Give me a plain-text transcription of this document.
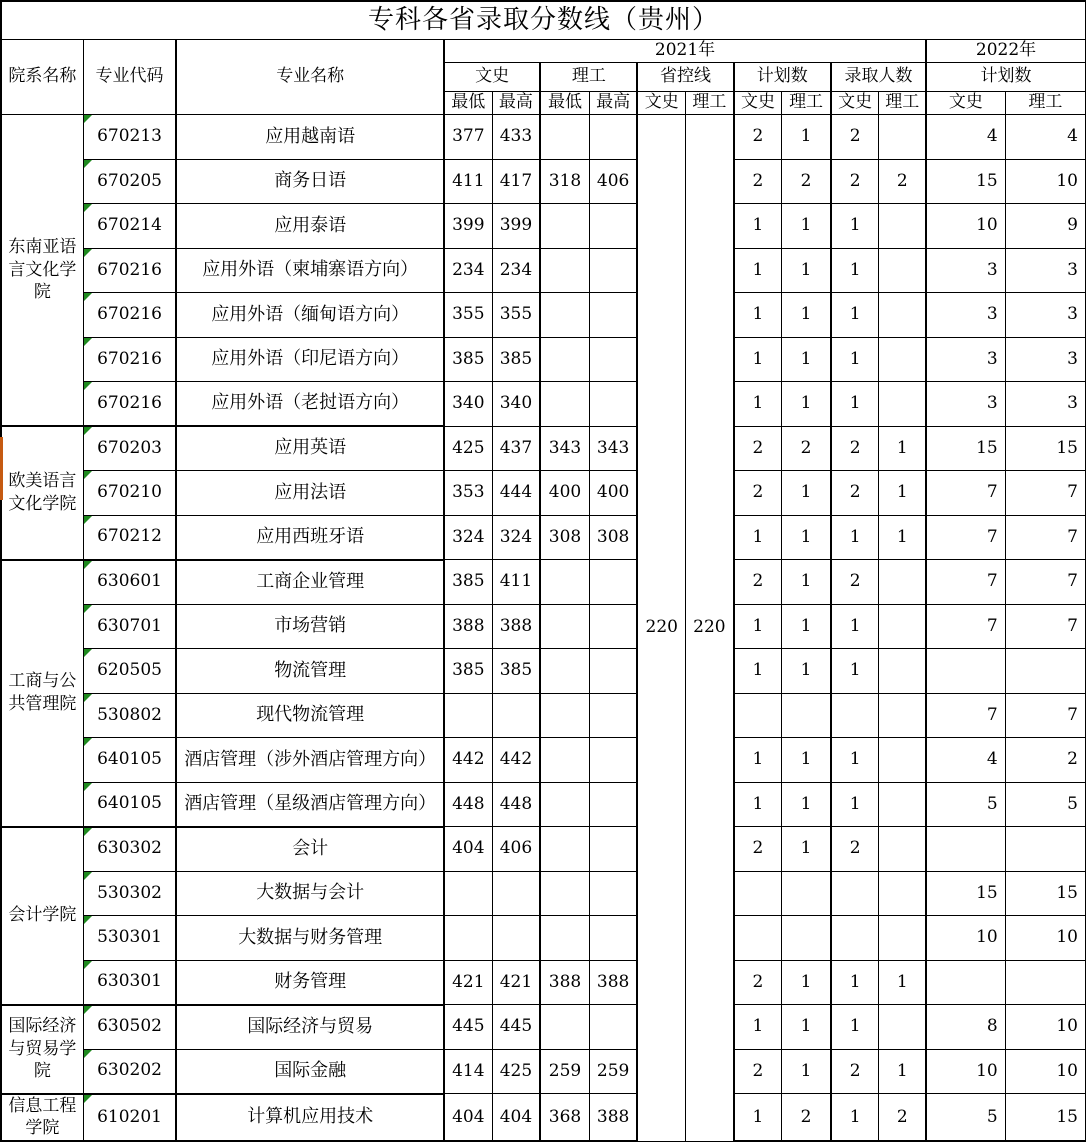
专科各省录取分数线（贵州）														
院系名称	专业代码	专业名称	2021年										2022年	
			文史		理工		省控线		计划数		录取人数		计划数	
			最低	最高	最低	最高	文史	理工	文史	理工	文史	理工	文史	理工
东南亚语言文化学院	670213	应用越南语	377	433			220	220	2	1	2		4	4

670205	商务日语	411	417	318	406			2	2	2	2	15	10

670214	应用泰语	399	399					1	1	1		10	9

670216	应用外语（柬埔寨语方向）	234	234					1	1	1		3	3

670216	应用外语（缅甸语方向）	355	355					1	1	1		3	3

670216	应用外语（印尼语方向）	385	385					1	1	1		3	3

670216	应用外语（老挝语方向）	340	340					1	1	1		3	3
欧美语言文化学院	670203	应用英语	425	437	343	343			2	2	2	1	15	15

670210	应用法语	353	444	400	400			2	1	2	1	7	7

670212	应用西班牙语	324	324	308	308			1	1	1	1	7	7
工商与公共管理院	630601	工商企业管理	385	411					2	1	2		7	7

630701	市场营销	388	388					1	1	1		7	7

620505	物流管理	385	385					1	1	1			

530802	现代物流管理											7	7

640105	酒店管理（涉外酒店管理方向）	442	442					1	1	1		4	2

640105	酒店管理（星级酒店管理方向）	448	448					1	1	1		5	5
会计学院	630302	会计	404	406					2	1	2			

530302	大数据与会计											15	15

530301	大数据与财务管理											10	10

630301	财务管理	421	421	388	388			2	1	1	1		
国际经济与贸易学院	630502	国际经济与贸易	445	445					1	1	1		8	10

630202	国际金融	414	425	259	259			2	1	2	1	10	10
信息工程学院	610201	计算机应用技术	404	404	368	388			1	2	1	2	5	15
